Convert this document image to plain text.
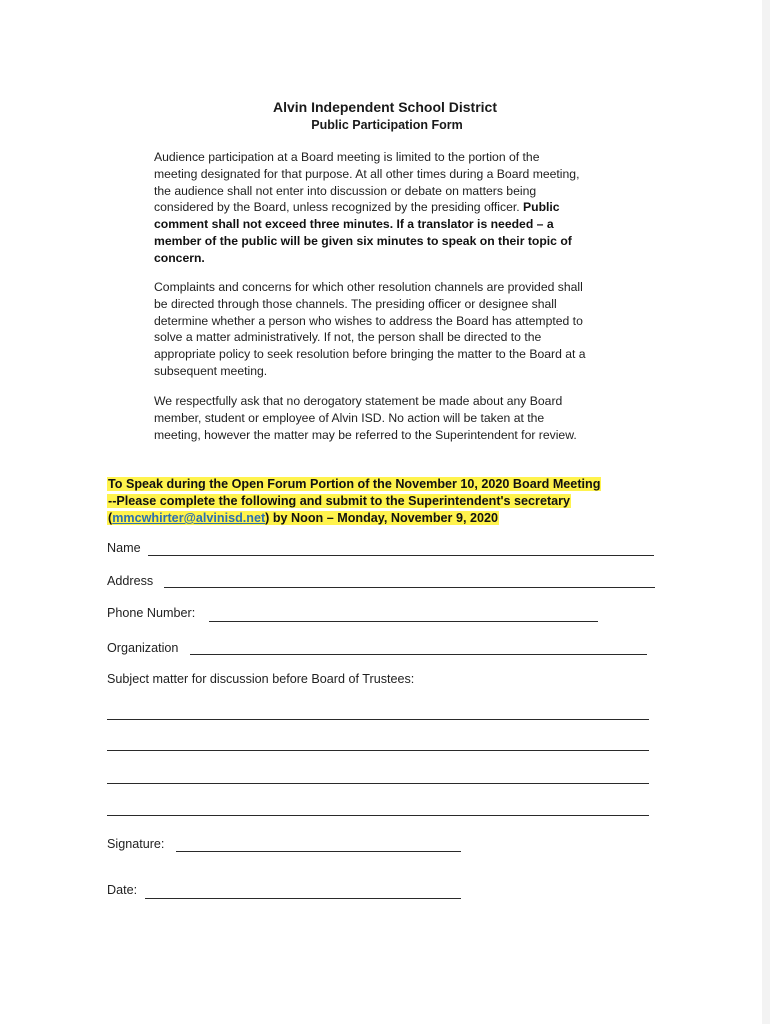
Alvin Independent School District
Public Participation Form
Audience participation at a Board meeting is limited to the portion of the
meeting designated for that purpose. At all other times during a Board meeting,
the audience shall not enter into discussion or debate on matters being
considered by the Board, unless recognized by the presiding officer. Public
comment shall not exceed three minutes. If a translator is needed – a
member of the public will be given six minutes to speak on their topic of
concern.
Complaints and concerns for which other resolution channels are provided shall
be directed through those channels. The presiding officer or designee shall
determine whether a person who wishes to address the Board has attempted to
solve a matter administratively. If not, the person shall be directed to the
appropriate policy to seek resolution before bringing the matter to the Board at a
subsequent meeting.
We respectfully ask that no derogatory statement be made about any Board
member, student or employee of Alvin ISD. No action will be taken at the
meeting, however the matter may be referred to the Superintendent for review.
To Speak during the Open Forum Portion of the November 10, 2020 Board Meeting
--Please complete the following and submit to the Superintendent's secretary
(mmcwhirter@alvinisd.net) by Noon – Monday, November 9, 2020
Name
Address
Phone Number:
Organization
Subject matter for discussion before Board of Trustees:
Signature:
Date:
